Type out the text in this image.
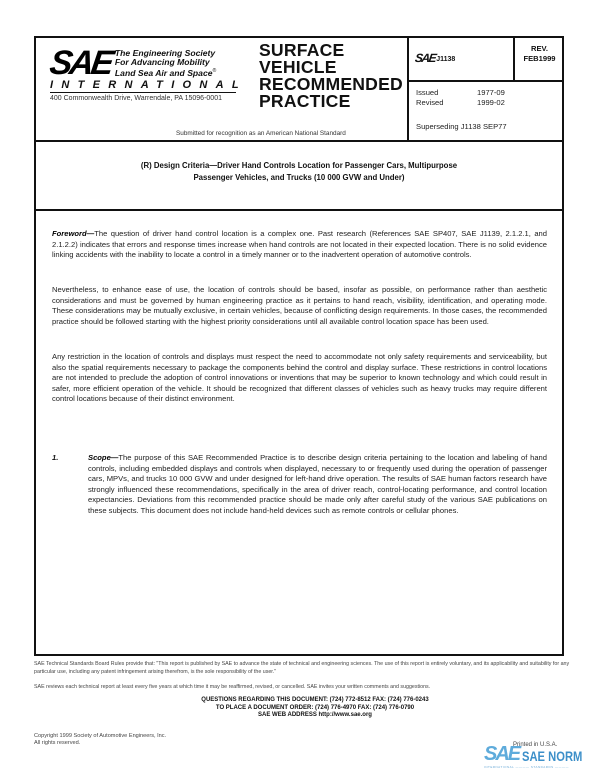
SAE The Engineering Society
For Advancing Mobility
Land Sea Air and Space®
INTERNATIONAL
400 Commonwealth Drive, Warrendale, PA 15096-0001
Submitted for recognition as an American National Standard
SURFACE
VEHICLE
RECOMMENDED
PRACTICE
SAE J1138
REV.
FEB1999
Issued	1977-09
Revised	1999-02
Superseding J1138 SEP77
(R) Design Criteria—Driver Hand Controls Location for Passenger Cars, Multipurpose
Passenger Vehicles, and Trucks (10 000 GVW and Under)
Foreword—The question of driver hand control location is a complex one. Past research (References SAE SP407, SAE J1139, 2.1.2.1, and 2.1.2.2) indicates that errors and response times increase when hand controls are not located in their expected location. There is no solid evidence linking accidents with the inability to locate a control in a timely manner or to the inadvertent operation of automotive controls.
Nevertheless, to enhance ease of use, the location of controls should be based, insofar as possible, on performance rather than aesthetic considerations and must be governed by human engineering practice as it pertains to hand reach, visibility, identification, and operating mode. These considerations may be mutually exclusive, in certain vehicles, because of conflicting design requirements. In those cases, the recommended practice should be followed starting with the highest priority considerations until all available control location space has been used.
Any restriction in the location of controls and displays must respect the need to accommodate not only safety requirements and serviceability, but also the spatial requirements necessary to package the components behind the control and display surface. These restrictions in control locations are not intended to preclude the adoption of control innovations or inventions that may be superior to known technology and which could result in safer, more efficient operation of the vehicle. It should be recognized that different classes of vehicles such as heavy trucks may require different control locations because of their distinct environment.
1.	Scope—The purpose of this SAE Recommended Practice is to describe design criteria pertaining to the location and labeling of hand controls, including embedded displays and controls when displayed, necessary to or frequently used during the operation of passenger cars, MPVs, and trucks 10 000 GVW and under designed for left-hand drive operation. The results of SAE human factors research have strongly influenced these recommendations, specifically in the area of driver reach, control-locating performance, and control location expectancies. Deviations from this recommended practice should be made only after careful study of the various SAE publications on these subjects. This document does not include hand-held devices such as remote controls or cellular phones.
SAE Technical Standards Board Rules provide that: "This report is published by SAE to advance the state of technical and engineering sciences. The use of this report is entirely voluntary, and its applicability and suitability for any particular use, including any patent infringement arising therefrom, is the sole responsibility of the user."
SAE reviews each technical report at least every five years at which time it may be reaffirmed, revised, or cancelled. SAE invites your written comments and suggestions.
QUESTIONS REGARDING THIS DOCUMENT: (724) 772-8512 FAX: (724) 776-0243
TO PLACE A DOCUMENT ORDER: (724) 776-4970 FAX: (724) 776-0790
SAE WEB ADDRESS http://www.sae.org
Copyright 1999 Society of Automotive Engineers, Inc.
All rights reserved.	SAE SAE NORM
INTERNATIONAL ———— STANDARDS ————
Printed in U.S.A.
